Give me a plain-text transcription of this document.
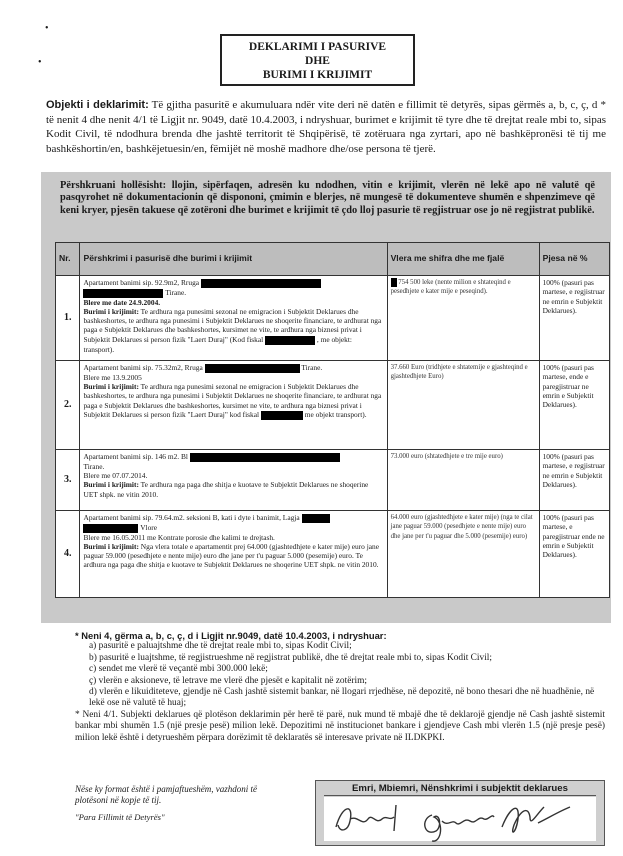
•
•
DEKLARIMI I PASURIVE
DHE
BURIMI I KRIJIMIT
Objekti i deklarimit: Të gjitha pasuritë e akumuluara ndër vite deri në datën e fillimit të detyrës, sipas gërmës a, b, c, ç, d * të nenit 4 dhe nenit 4/1 të Ligjit nr. 9049, datë 10.4.2003, i ndryshuar, burimet e krijimit të tyre dhe të drejtat reale mbi to, sipas Kodit Civil, të ndodhura brenda dhe jashtë territorit të Shqipërisë, të zotëruara nga zyrtari, apo në bashkëpronësi të tij me bashkëshortin/en, bashkëjetuesin/en, fëmijët në moshë madhore dhe/ose persona të tjerë.
Përshkruani hollësisht: llojin, sipërfaqen, adresën ku ndodhen, vitin e krijimit, vlerën në lekë apo në valutë që pasqyrohet në dokumentacionin që dispononi, çmimin e blerjes, në mungesë të dokumenteve shumën e shpenzimeve që keni kryer, pjesën takuese që zotëroni dhe burimet e krijimit të çdo lloj pasurie të regjistruar ose jo në regjistrat publikë.
Nr.	Përshkrimi i pasurisë dhe burimi i krijimit	Vlera me shifra dhe me fjalë	Pjesa në %
1.	Apartament banimi sip. 92.9m2, Rruga
Tirane.
Blere me date 24.9.2004.
Burimi i krijimit: Te ardhura nga punesimi sezonal ne emigracion i Subjektit Deklarues dhe bashkeshortes, te ardhura nga punesimi i Subjektit Deklarues ne shoqerite financiare, te ardhurat nga paga e Subjektit Deklarues dhe bashkeshortes, kursimet ne vite, te ardhura nga biznesi privat i Subjektit Deklarues si person fizik "Laert Duraj" (Kod fiskal , me objekt: transport).	754 500 leke (nente milion e shtateqind e pesedhjete e kater mije e peseqind).	100% (pasuri pas martese, e regjistruar ne emrin e Subjektit Deklarues).
2.	Apartament banimi sip. 75.32m2, Rruga Tirane.
Blere me 13.9.2005
Burimi i krijimit: Te ardhura nga punesimi sezonal ne emigracion i Subjektit Deklarues dhe bashkeshortes, te ardhura nga punesimi i Subjektit Deklarues ne shoqerite financiare, te ardhurat nga paga e Subjektit Deklarues dhe bashkeshortes, kursimet ne vite, te ardhura nga biznesi privat i Subjektit Deklarues si person fizik "Laert Duraj" kod fiskal me objekt transport).	37.660 Euro (tridhjete e shtatemije e gjashteqind e gjashtedhjete Euro)	100% (pasuri pas martese, ende e paregjistruar ne emrin e Subjektit Deklarues).
3.	Apartament banimi sip. 146 m2. Bl
Tirane.
Blere me 07.07.2014.
Burimi i krijimit: Te ardhura nga paga dhe shitja e kuotave te Subjektit Deklarues ne shoqerine UET shpk. ne vitin 2010.	73.000 euro (shtatedhjete e tre mije euro)	100% (pasuri pas martese, e regjistruar ne emrin e Subjektit Deklarues).
4.	Apartament banimi sip. 79.64.m2. seksioni B, kati i dyte i banimit, Lagja
Vlore
Blere me 16.05.2011 me Kontrate porosie dhe kalimi te drejtash.
Burimi i krijimit: Nga vlera totale e apartamentit prej 64.000 (gjashtedhjete e kater mije) euro jane paguar 59.000 (pesedhjete e nente mije) euro dhe jane per t'u paguar 5.000 (pesemije) euro. Te ardhura nga paga dhe shitja e kuotave te Subjektit Deklarues ne shoqerine UET shpk. ne vitin 2010.	64.000 euro (gjashtedhjete e kater mije) (nga te cilat jane paguar 59.000 (pesedhjete e nente mije) euro dhe jane per t'u paguar dhe 5.000 (pesemije) euro)	100% (pasuri pas martese, e paregjistruar ende ne emrin e Subjektit Deklarues).
* Neni 4, gërma a, b, c, ç, d i Ligjit nr.9049, datë 10.4.2003, i ndryshuar:
a) pasuritë e paluajtshme dhe të drejtat reale mbi to, sipas Kodit Civil;
b) pasuritë e luajtshme, të regjistrueshme në regjistrat publikë, dhe të drejtat reale mbi to, sipas Kodit Civil;
c) sendet me vlerë të veçantë mbi 300.000 lekë;
ç) vlerën e aksioneve, të letrave me vlerë dhe pjesët e kapitalit në zotërim;
d) vlerën e likuiditeteve, gjendje në Cash jashtë sistemit bankar, në llogari rrjedhëse, në depozitë, në bono thesari dhe në huadhënie, në lekë ose në valutë të huaj;
* Neni 4/1. Subjekti deklarues që plotëson deklarimin për herë të parë, nuk mund të mbajë dhe të deklarojë gjendje në Cash jashtë sistemit bankar mbi shumën 1.5 (një presje pesë) milion lekë. Depozitimi në institucionet bankare i gjendjeve Cash mbi vlerën 1.5 (një presje pesë) milion lekë është i detyrueshëm përpara dorëzimit të deklaratës së interesave private në ILDKPKI.
Nëse ky format është i pamjaftueshëm, vazhdoni të plotësoni në kopje të tij.
"Para Fillimit të Detyrës"
Emri, Mbiemri, Nënshkrimi i subjektit deklarues
